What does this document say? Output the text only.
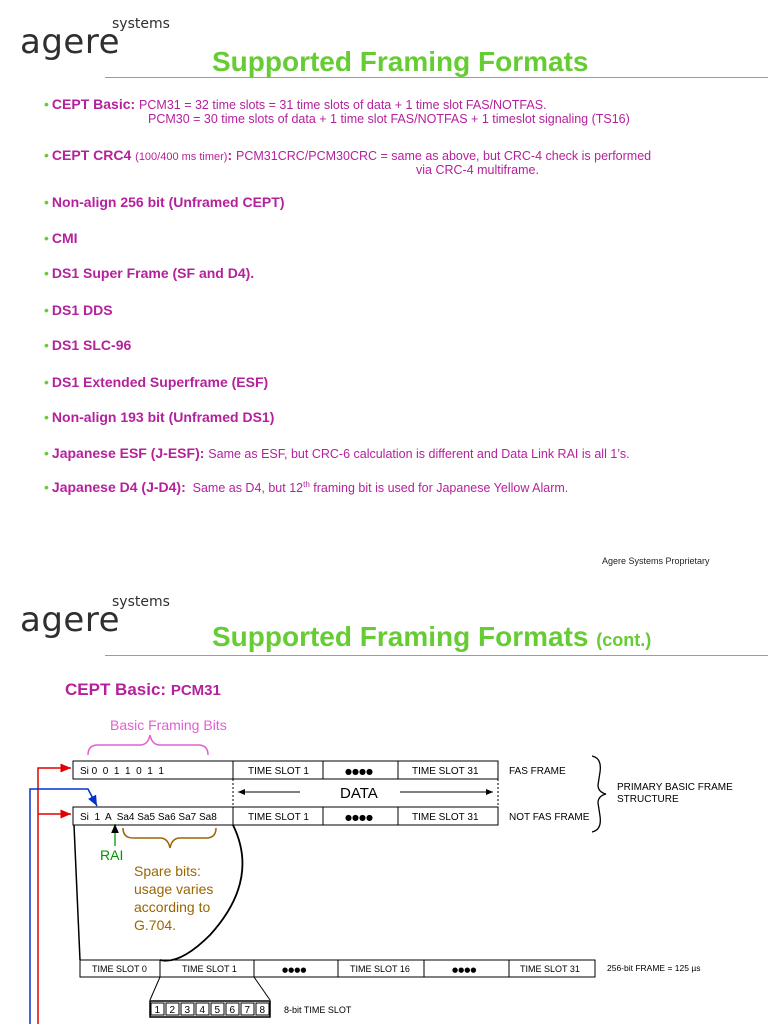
systems
agere	Supported Framing Formats
• CEPT Basic: PCM31 = 32 time slots = 31 time slots of data + 1 time slot FAS/NOTFAS.
PCM30 = 30 time slots of data + 1 time slot FAS/NOTFAS + 1 timeslot signaling (TS16)
• CEPT CRC4 (100/400 ms timer): PCM31CRC/PCM30CRC = same as above, but CRC-4 check is performed
via CRC-4 multiframe.
• Non-align 256 bit (Unframed CEPT)
• CMI
• DS1 Super Frame (SF and D4).
• DS1 DDS
• DS1 SLC-96
• DS1 Extended Superframe (ESF)
• Non-align 193 bit (Unframed DS1)
• Japanese ESF (J-ESF): Same as ESF, but CRC-6 calculation is different and Data Link RAI is all 1’s.
• Japanese D4 (J-D4): Same as D4, but 12th framing bit is used for Japanese Yellow Alarm.
Agere Systems Proprietary
systems
agere	Supported Framing Formats (cont.)
CEPT Basic: PCM31
Basic Framing Bits
Si 0  0  1  1  0  1  1	TIME SLOT 1	●●●●	TIME SLOT 31	FAS FRAME
DATA
Si  1  A  Sa4 Sa5 Sa6 Sa7 Sa8	TIME SLOT 1	●●●●	TIME SLOT 31	NOT FAS FRAME
PRIMARY BASIC FRAME
STRUCTURE
RAI
Spare bits:
usage varies
according to
G.704.
TIME SLOT 0	TIME SLOT 1	●●●●	TIME SLOT 16	●●●●	TIME SLOT 31	256-bit FRAME = 125 µs
1 2 3 4 5 6 7 8 8-bit TIME SLOT
